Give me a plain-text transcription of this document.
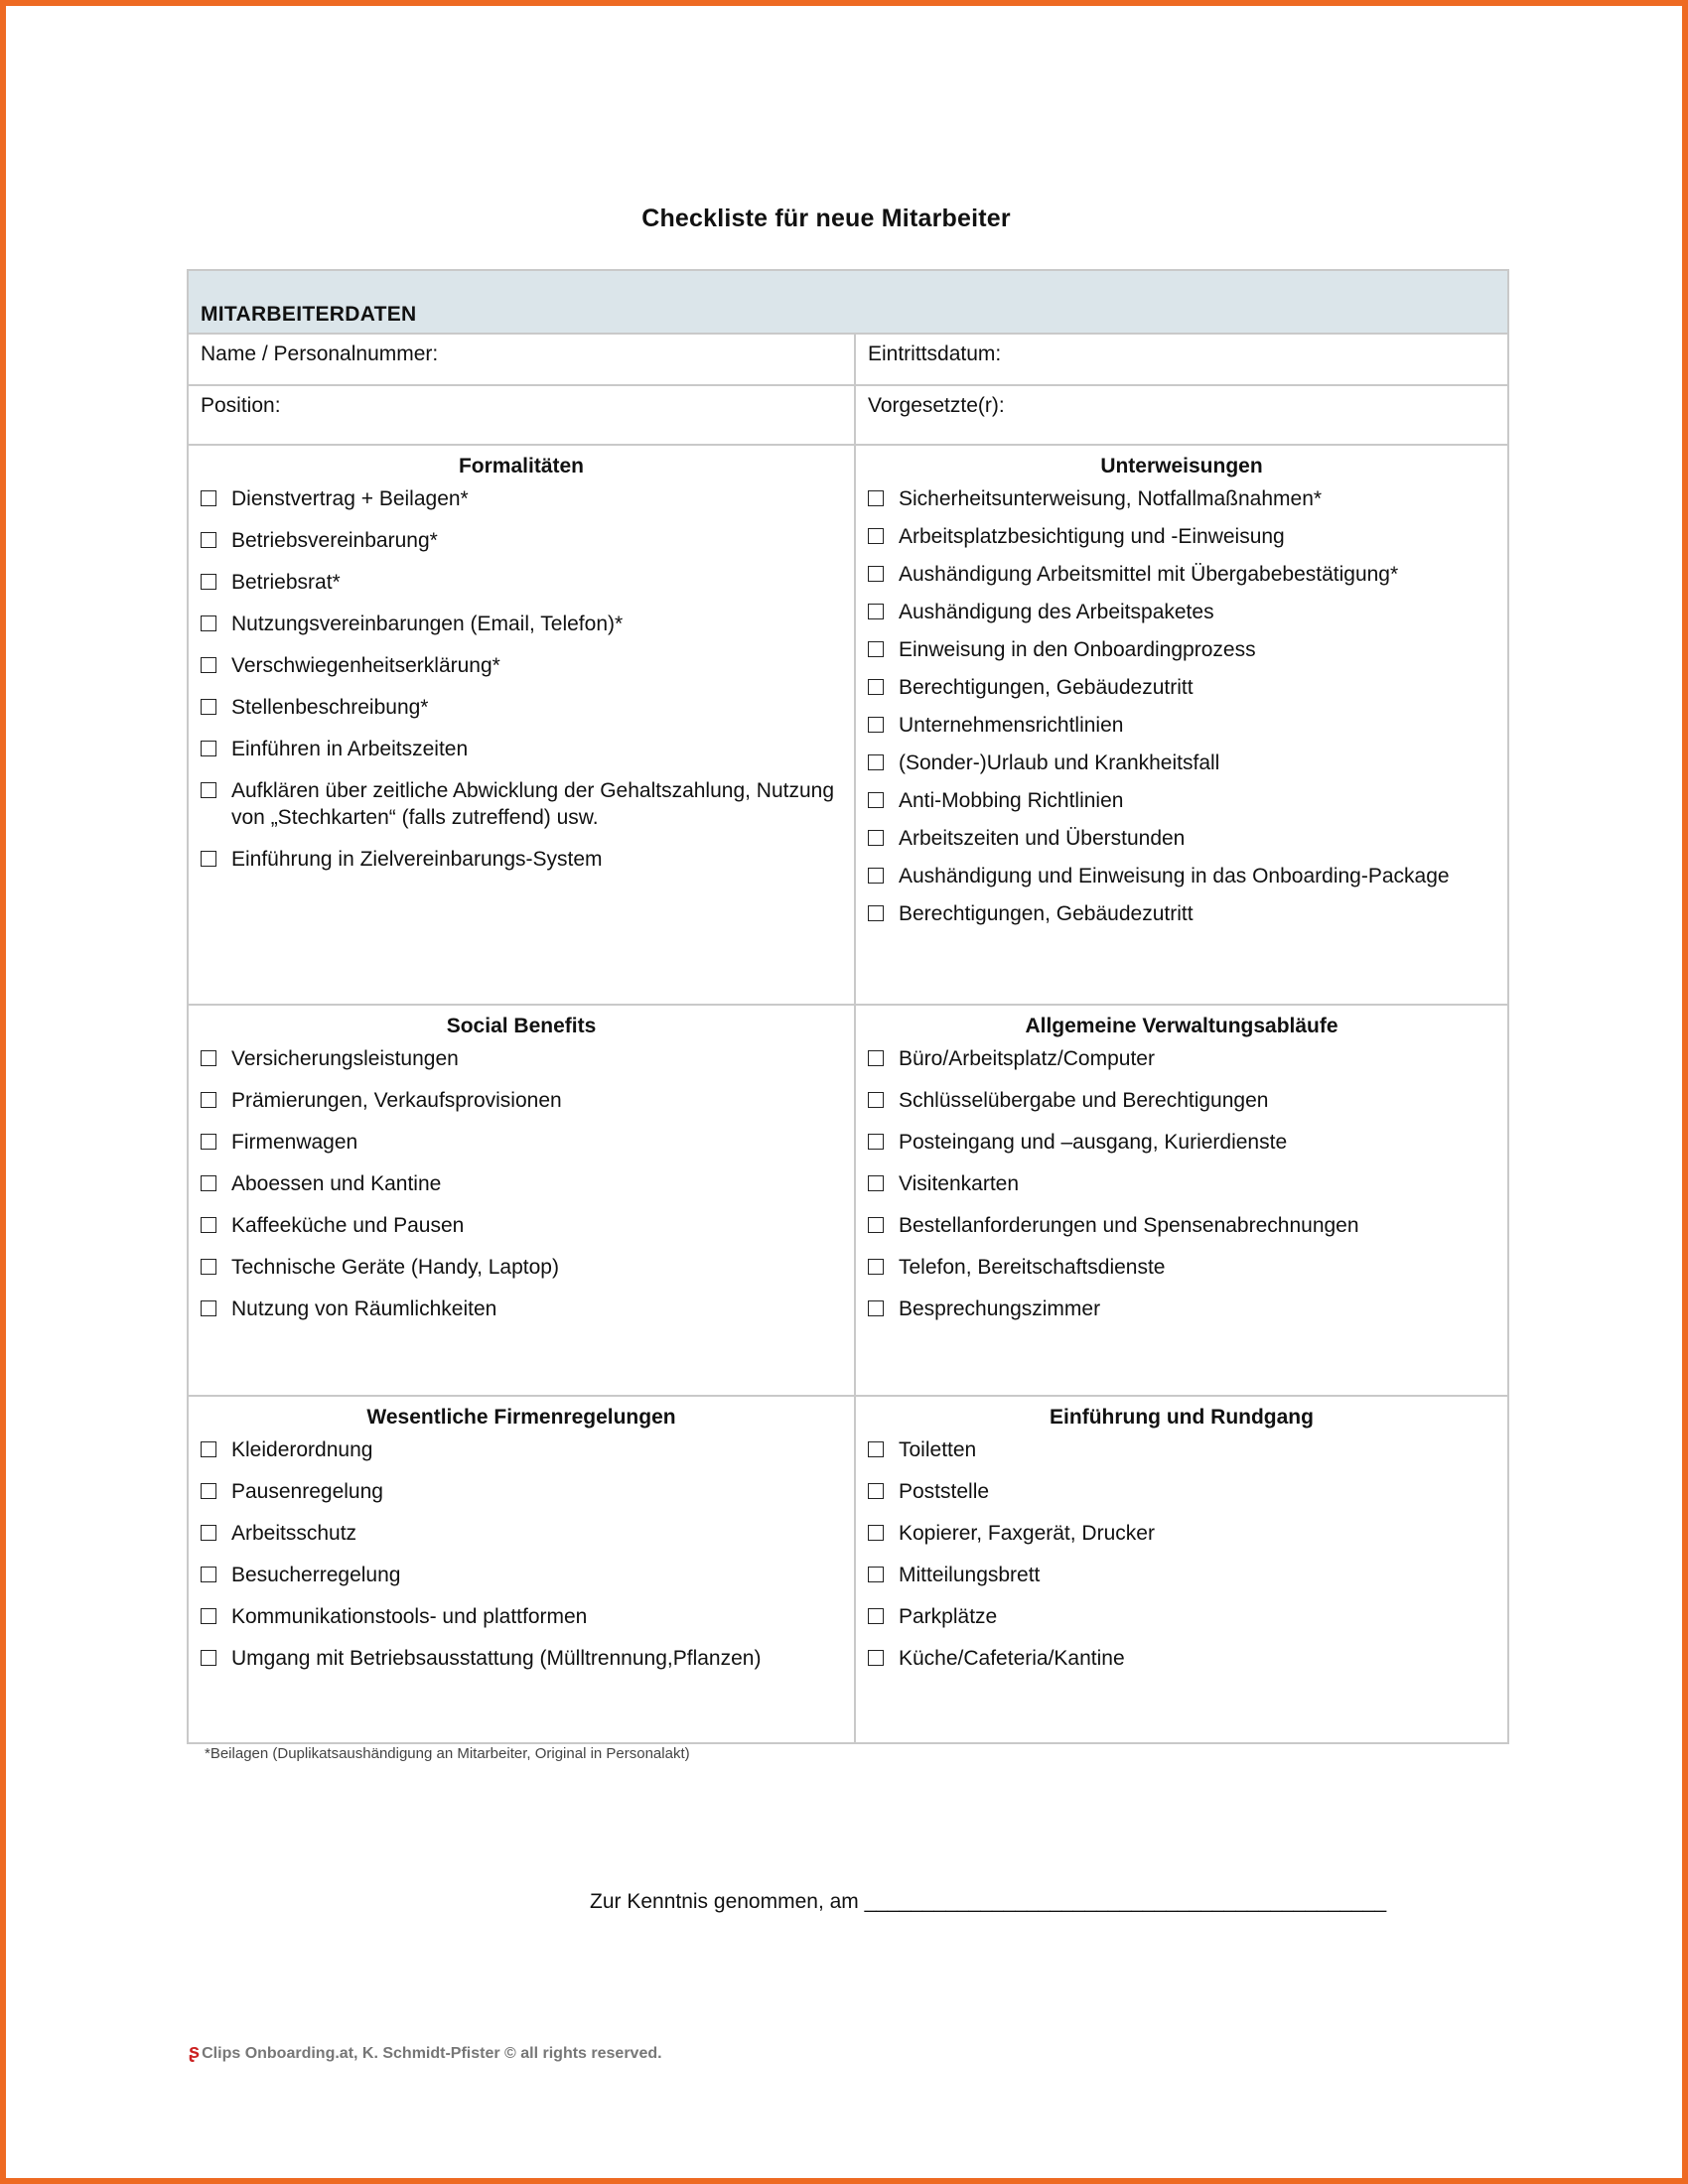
Checkliste für neue Mitarbeiter
MITARBEITERDATEN
Name / Personalnummer:	Eintrittsdatum:
Position:	Vorgesetzte(r):
Formalitäten
Dienstvertrag + Beilagen*
Betriebsvereinbarung*
Betriebsrat*
Nutzungsvereinbarungen (Email, Telefon)*
Verschwiegenheitserklärung*
Stellenbeschreibung*
Einführen in Arbeitszeiten
Aufklären über zeitliche Abwicklung der Gehaltszahlung, Nutzung von „Stechkarten“ (falls zutreffend) usw.
Einführung in Zielvereinbarungs-System
Unterweisungen
Sicherheitsunterweisung, Notfallmaßnahmen*
Arbeitsplatzbesichtigung und -Einweisung
Aushändigung Arbeitsmittel mit Übergabebestätigung*
Aushändigung des Arbeitspaketes
Einweisung in den Onboardingprozess
Berechtigungen, Gebäudezutritt
Unternehmensrichtlinien
(Sonder-)Urlaub und Krankheitsfall
Anti-Mobbing Richtlinien
Arbeitszeiten und Überstunden
Aushändigung und Einweisung in das Onboarding-Package
Berechtigungen, Gebäudezutritt
Social Benefits
Versicherungsleistungen
Prämierungen, Verkaufsprovisionen
Firmenwagen
Aboessen und Kantine
Kaffeeküche und Pausen
Technische Geräte (Handy, Laptop)
Nutzung von Räumlichkeiten
Allgemeine Verwaltungsabläufe
Büro/Arbeitsplatz/Computer
Schlüsselübergabe und Berechtigungen
Posteingang und –ausgang, Kurierdienste
Visitenkarten
Bestellanforderungen und Spensenabrechnungen
Telefon, Bereitschaftsdienste
Besprechungszimmer
Wesentliche Firmenregelungen
Kleiderordnung
Pausenregelung
Arbeitsschutz
Besucherregelung
Kommunikationstools- und plattformen
Umgang mit Betriebsausstattung (Mülltrennung,Pflanzen)
Einführung und Rundgang
Toiletten
Poststelle
Kopierer, Faxgerät, Drucker
Mitteilungsbrett
Parkplätze
Küche/Cafeteria/Kantine
*Beilagen (Duplikatsaushändigung an Mitarbeiter, Original in Personalakt)
Zur Kenntnis genommen, am _____________________________________________
ʂ Clips Onboarding.at, K. Schmidt-Pfister © all rights reserved.
